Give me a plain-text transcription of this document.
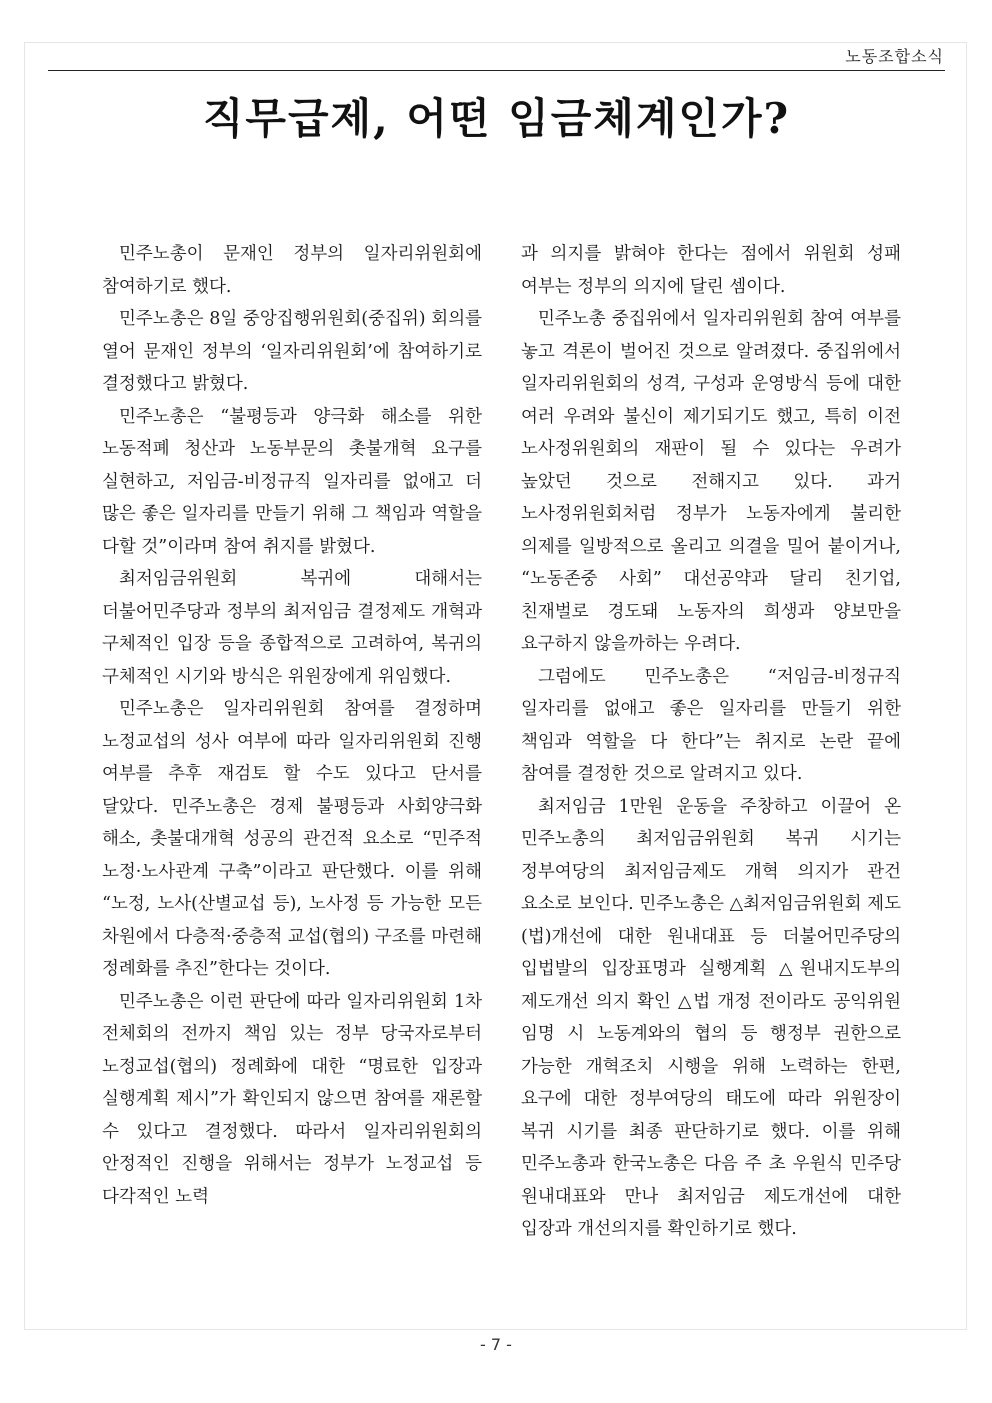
노동조합소식
직무급제, 어떤 임금체계인가?

민주노총이 문재인 정부의 일자리위원회에 참여하기로 했다.

민주노총은 8일 중앙집행위원회(중집위) 회의를 열어 문재인 정부의 ‘일자리위원회’에 참여하기로 결정했다고 밝혔다.

민주노총은 “불평등과 양극화 해소를 위한 노동적폐 청산과 노동부문의 촛불개혁 요구를 실현하고, 저임금-비정규직 일자리를 없애고 더 많은 좋은 일자리를 만들기 위해 그 책임과 역할을 다할 것”이라며 참여 취지를 밝혔다.

최저임금위원회 복귀에 대해서는 더불어민주당과 정부의 최저임금 결정제도 개혁과 구체적인 입장 등을 종합적으로 고려하여, 복귀의 구체적인 시기와 방식은 위원장에게 위임했다.

민주노총은 일자리위원회 참여를 결정하며 노정교섭의 성사 여부에 따라 일자리위원회 진행 여부를 추후 재검토 할 수도 있다고 단서를 달았다. 민주노총은 경제 불평등과 사회양극화 해소, 촛불대개혁 성공의 관건적 요소로 “민주적 노정·노사관계 구축”이라고 판단했다. 이를 위해 “노정, 노사(산별교섭 등), 노사정 등 가능한 모든 차원에서 다층적·중층적 교섭(협의) 구조를 마련해 정례화를 추진”한다는 것이다.

민주노총은 이런 판단에 따라 일자리위원회 1차 전체회의 전까지 책임 있는 정부 당국자로부터 노정교섭(협의) 정례화에 대한 “명료한 입장과 실행계획 제시”가 확인되지 않으면 참여를 재론할 수 있다고 결정했다. 따라서 일자리위원회의 안정적인 진행을 위해서는 정부가 노정교섭 등 다각적인 노력

과 의지를 밝혀야 한다는 점에서 위원회 성패 여부는 정부의 의지에 달린 셈이다.

민주노총 중집위에서 일자리위원회 참여 여부를 놓고 격론이 벌어진 것으로 알려졌다. 중집위에서 일자리위원회의 성격, 구성과 운영방식 등에 대한 여러 우려와 불신이 제기되기도 했고, 특히 이전 노사정위원회의 재판이 될 수 있다는 우려가 높았던 것으로 전해지고 있다. 과거 노사정위원회처럼 정부가 노동자에게 불리한 의제를 일방적으로 올리고 의결을 밀어 붙이거나, “노동존중 사회” 대선공약과 달리 친기업, 친재벌로 경도돼 노동자의 희생과 양보만을 요구하지 않을까하는 우려다.

그럼에도 민주노총은 “저임금-비정규직 일자리를 없애고 좋은 일자리를 만들기 위한 책임과 역할을 다 한다”는 취지로 논란 끝에 참여를 결정한 것으로 알려지고 있다.

최저임금 1만원 운동을 주창하고 이끌어 온 민주노총의 최저임금위원회 복귀 시기는 정부여당의 최저임금제도 개혁 의지가 관건 요소로 보인다. 민주노총은 △최저임금위원회 제도(법)개선에 대한 원내대표 등 더불어민주당의 입법발의 입장표명과 실행계획 △원내지도부의 제도개선 의지 확인 △법 개정 전이라도 공익위원 임명 시 노동계와의 협의 등 행정부 권한으로 가능한 개혁조치 시행을 위해 노력하는 한편, 요구에 대한 정부여당의 태도에 따라 위원장이 복귀 시기를 최종 판단하기로 했다. 이를 위해 민주노총과 한국노총은 다음 주 초 우원식 민주당 원내대표와 만나 최저임금 제도개선에 대한 입장과 개선의지를 확인하기로 했다.

- 7 -
